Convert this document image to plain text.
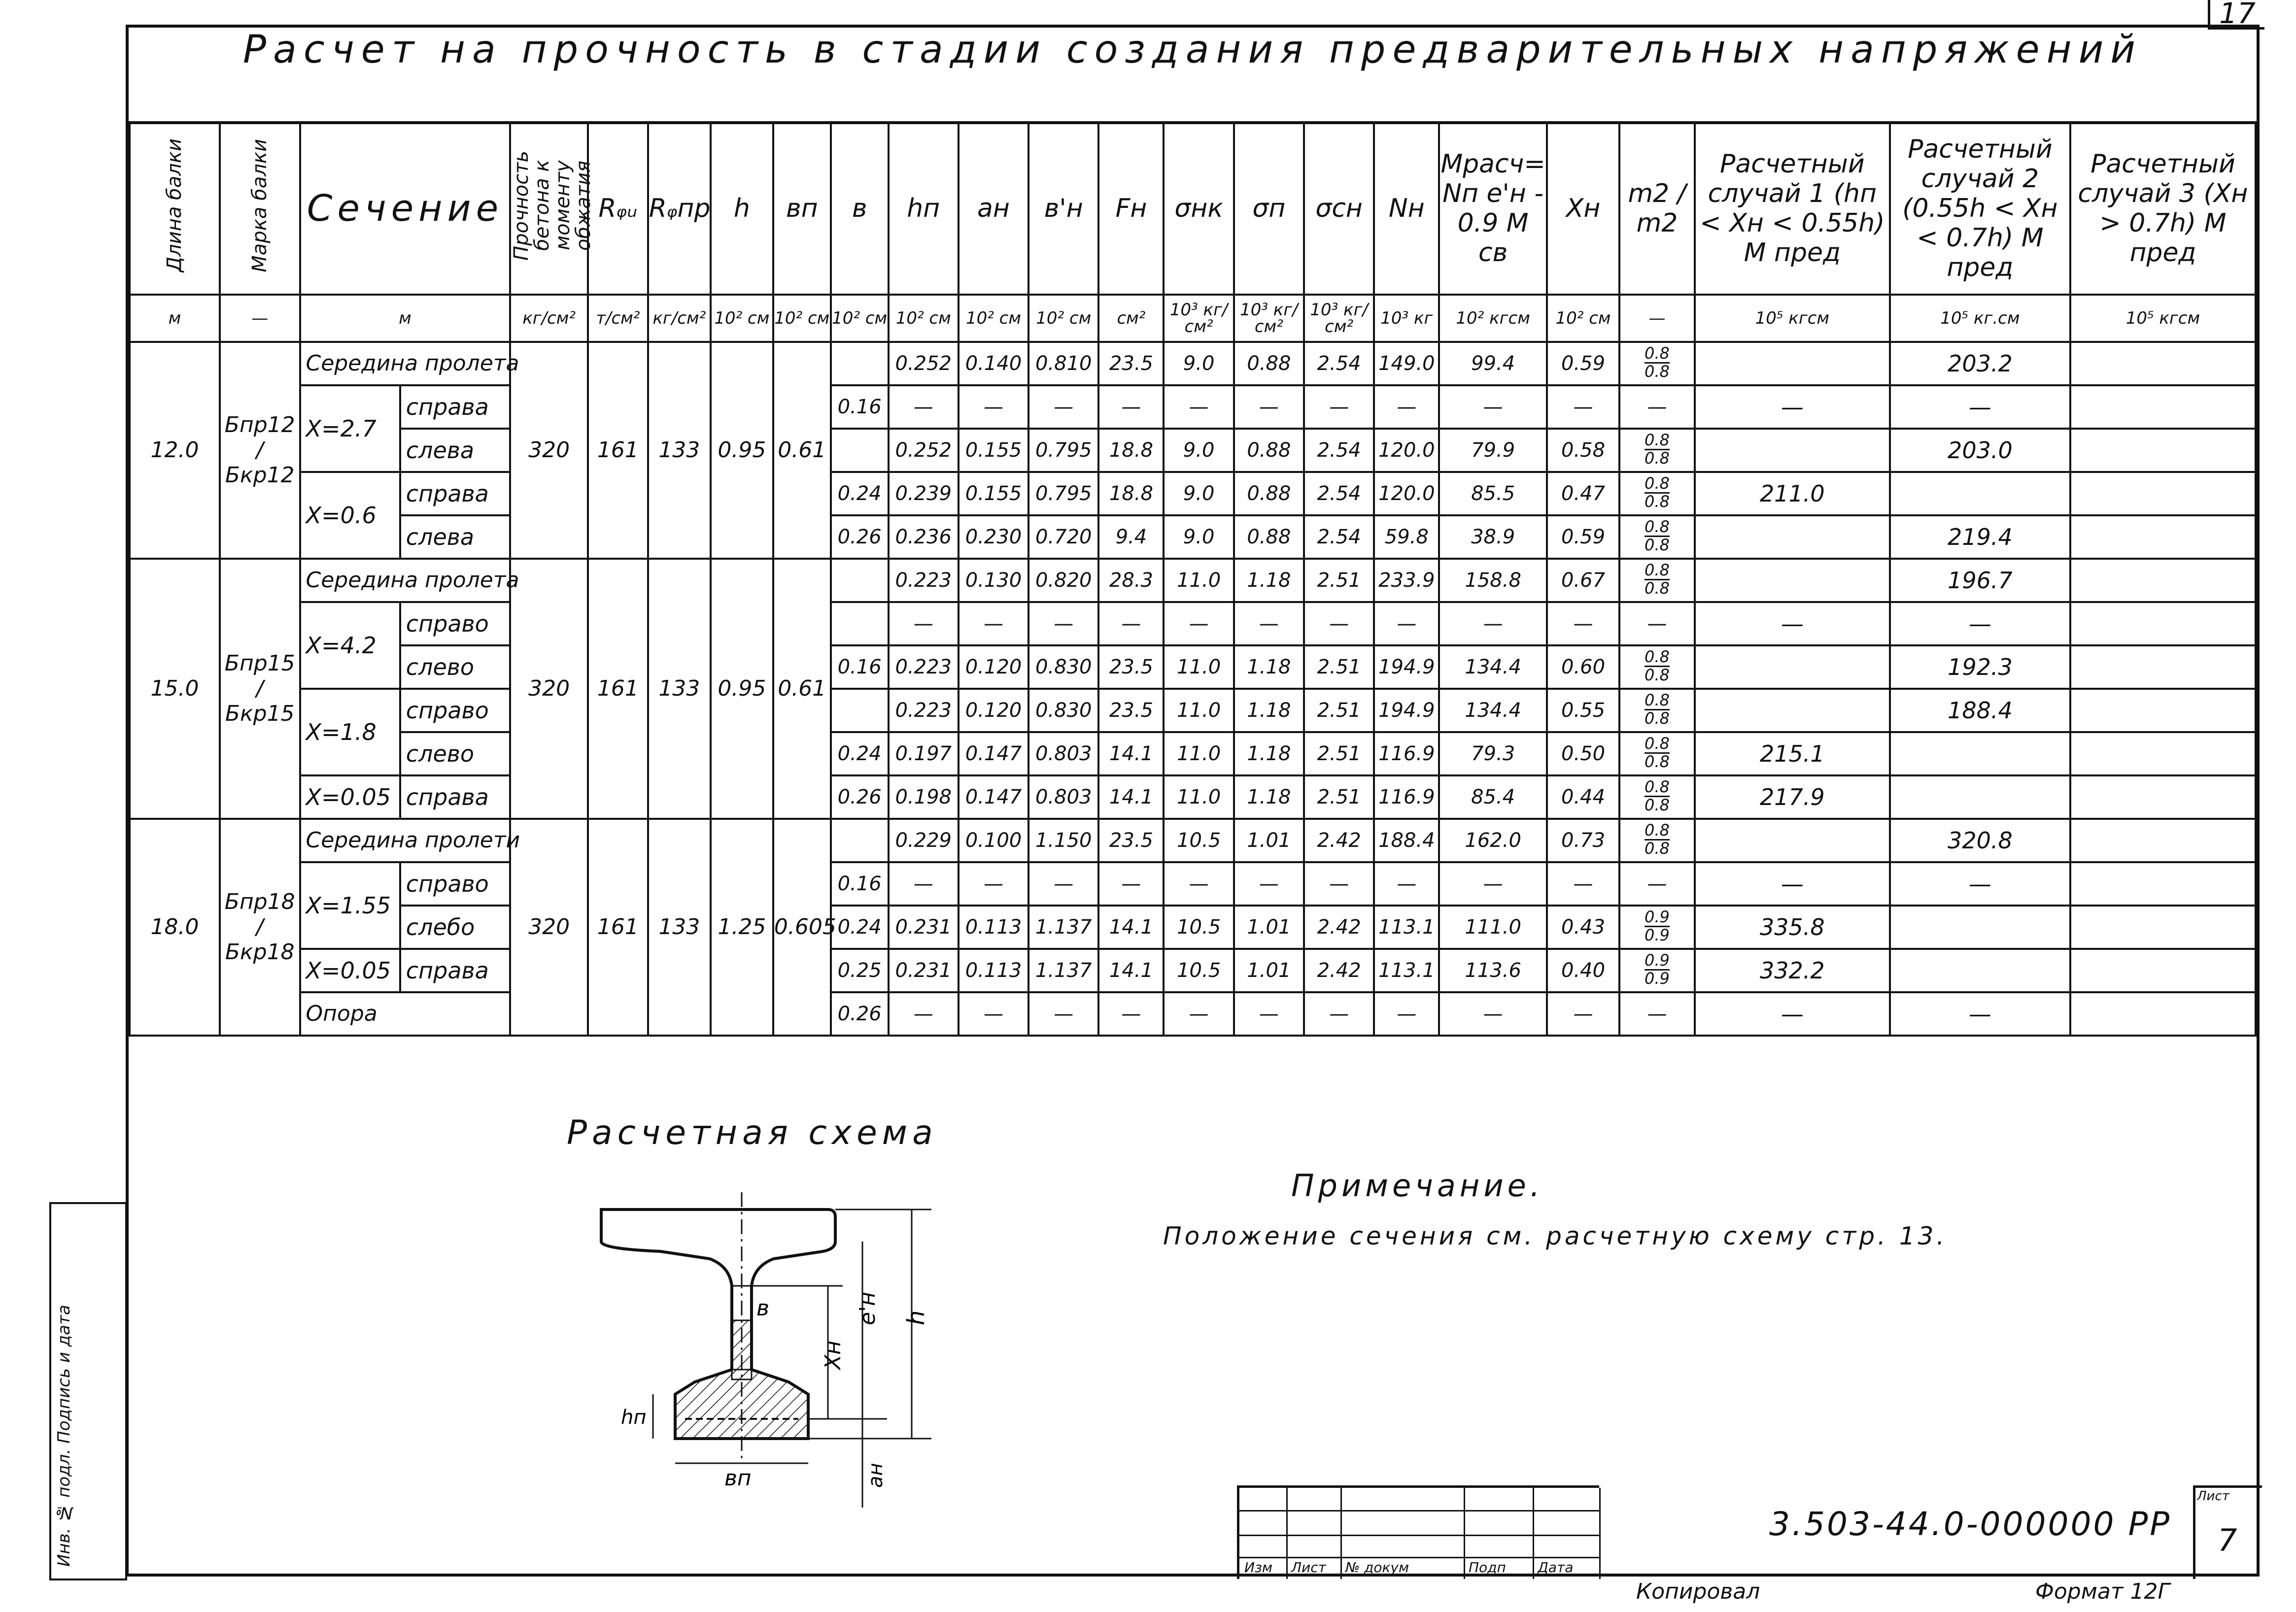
17
Расчет на прочность в стадии создания предварительных напряжений
Длина балки	Марка балки	Сечение		Прочность бетона к моменту обжатия	Rᵩᵤ	Rᵩпр	h	вп	в	hп	aн	в'н	Fн	σнк	σп	σсн	Nн	Mрасч= Nп e'н - 0.9 M св	Xн	m2 / m2	Расчетный случай 1 (hп < Xн < 0.55h) M пред	Расчетный случай 2 (0.55h < Xн < 0.7h) M пред	Расчетный случай 3 (Xн > 0.7h) M пред
м	—	м		кг/см²	т/см²	кг/см²	10² см	10² см	10² см	10² см	10² см	10² см	см²	10³ кг/см²	10³ кг/см²	10³ кг/см²	10³ кг	10² кгсм	10² см	—	10⁵ кгсм	10⁵ кг.см	10⁵ кгсм
12.0	Бпр12 / Бкр12	Середина пролета		320	161	133	0.95	0.61		0.252	0.140	0.810	23.5	9.0	0.88	2.54	149.0	99.4	0.59	$\frac{0.8}{0.8}$		203.2	
		X=2.7	справа						0.16	—	—	—	—	—	—	—	—	—	—	—	—	—	
			слева							0.252	0.155	0.795	18.8	9.0	0.88	2.54	120.0	79.9	0.58	$\frac{0.8}{0.8}$		203.0	
		X=0.6	справа						0.24	0.239	0.155	0.795	18.8	9.0	0.88	2.54	120.0	85.5	0.47	$\frac{0.8}{0.8}$	211.0		
			слева						0.26	0.236	0.230	0.720	9.4	9.0	0.88	2.54	59.8	38.9	0.59	$\frac{0.8}{0.8}$		219.4	
15.0	Бпр15 / Бкр15	Середина пролета		320	161	133	0.95	0.61		0.223	0.130	0.820	28.3	11.0	1.18	2.51	233.9	158.8	0.67	$\frac{0.8}{0.8}$		196.7	
		X=4.2	справо							—	—	—	—	—	—	—	—	—	—	—	—	—	
			слево						0.16	0.223	0.120	0.830	23.5	11.0	1.18	2.51	194.9	134.4	0.60	$\frac{0.8}{0.8}$		192.3	
		X=1.8	справо							0.223	0.120	0.830	23.5	11.0	1.18	2.51	194.9	134.4	0.55	$\frac{0.8}{0.8}$		188.4	
			слево						0.24	0.197	0.147	0.803	14.1	11.0	1.18	2.51	116.9	79.3	0.50	$\frac{0.8}{0.8}$	215.1		
		X=0.05	справа						0.26	0.198	0.147	0.803	14.1	11.0	1.18	2.51	116.9	85.4	0.44	$\frac{0.8}{0.8}$	217.9		
18.0	Бпр18 / Бкр18	Середина пролети		320	161	133	1.25	0.605		0.229	0.100	1.150	23.5	10.5	1.01	2.42	188.4	162.0	0.73	$\frac{0.8}{0.8}$		320.8	
		X=1.55	справо						0.16	—	—	—	—	—	—	—	—	—	—	—	—	—	
			слебо						0.24	0.231	0.113	1.137	14.1	10.5	1.01	2.42	113.1	111.0	0.43	$\frac{0.9}{0.9}$	335.8		
		X=0.05	справа						0.25	0.231	0.113	1.137	14.1	10.5	1.01	2.42	113.1	113.6	0.40	$\frac{0.9}{0.9}$	332.2		
		Опора							0.26	—	—	—	—	—	—	—	—	—	—	—	—	—	
Расчетная схема
в
Xн
e'н h
hп
вп	aн
Примечание.
Положение сечения см. расчетную схему стр. 13.
Изм Лист № докум	Подп Дата
3.503-44.0-000000 PP
Лист
7
Копировал	Формат 12Г
Инв. № подл. Подпись и дата
